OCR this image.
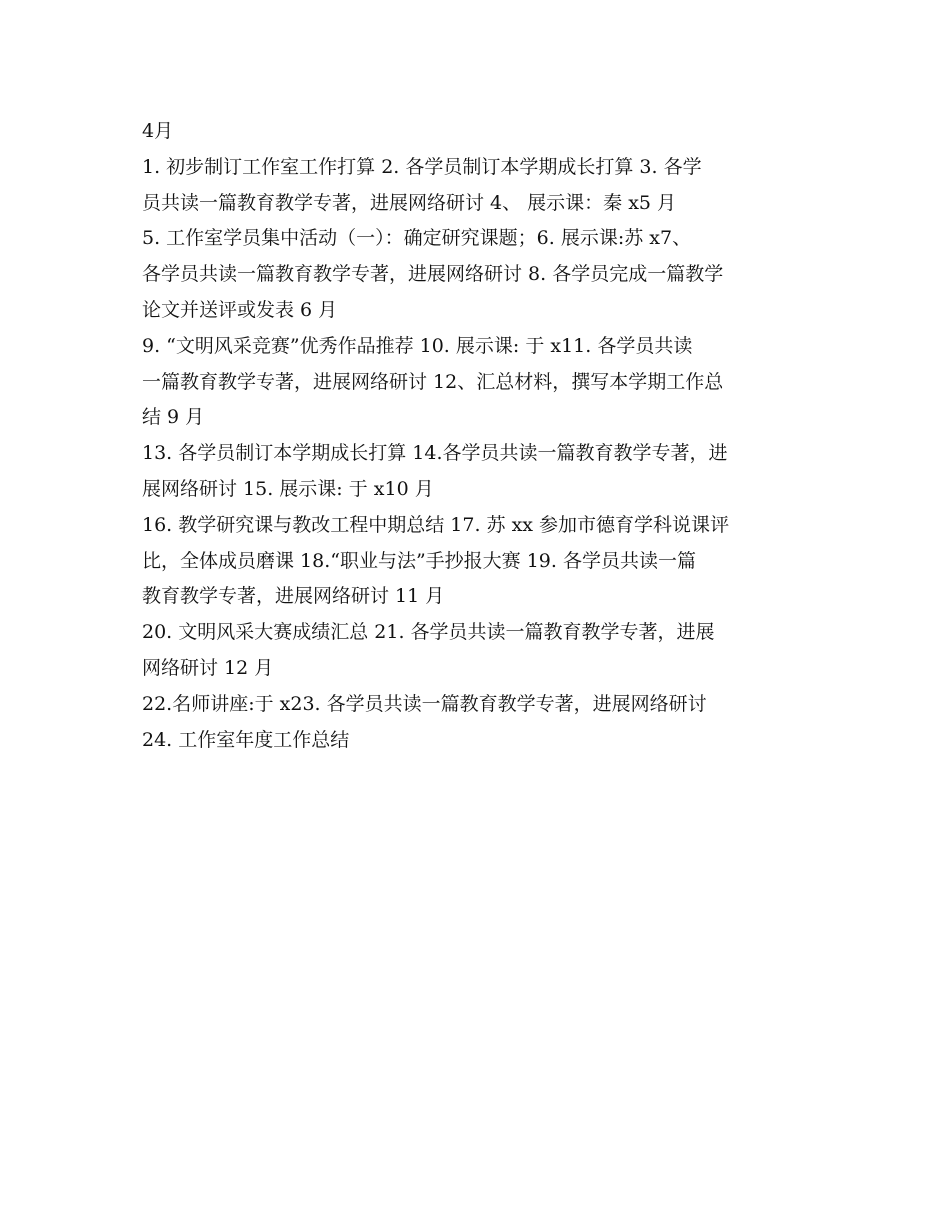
4月

1. 初步制订工作室工作打算 2. 各学员制订本学期成长打算 3. 各学

员共读一篇教育教学专著，进展网络研讨 4、 展示课：秦 x5 月

5. 工作室学员集中活动（一）：确定研究课题；6. 展示课:苏 x7、

各学员共读一篇教育教学专著，进展网络研讨 8. 各学员完成一篇教学

论文并送评或发表 6 月

9. “文明风采竞赛”优秀作品推荐 10. 展示课: 于 x11. 各学员共读

一篇教育教学专著，进展网络研讨 12、汇总材料，撰写本学期工作总

结 9 月

13. 各学员制订本学期成长打算 14.各学员共读一篇教育教学专著，进

展网络研讨 15. 展示课: 于 x10 月

16. 教学研究课与教改工程中期总结 17. 苏 xx 参加市德育学科说课评

比，全体成员磨课 18.“职业与法”手抄报大赛 19. 各学员共读一篇

教育教学专著，进展网络研讨 11 月

20. 文明风采大赛成绩汇总 21. 各学员共读一篇教育教学专著，进展

网络研讨 12 月

22.名师讲座:于 x23. 各学员共读一篇教育教学专著，进展网络研讨

24. 工作室年度工作总结
